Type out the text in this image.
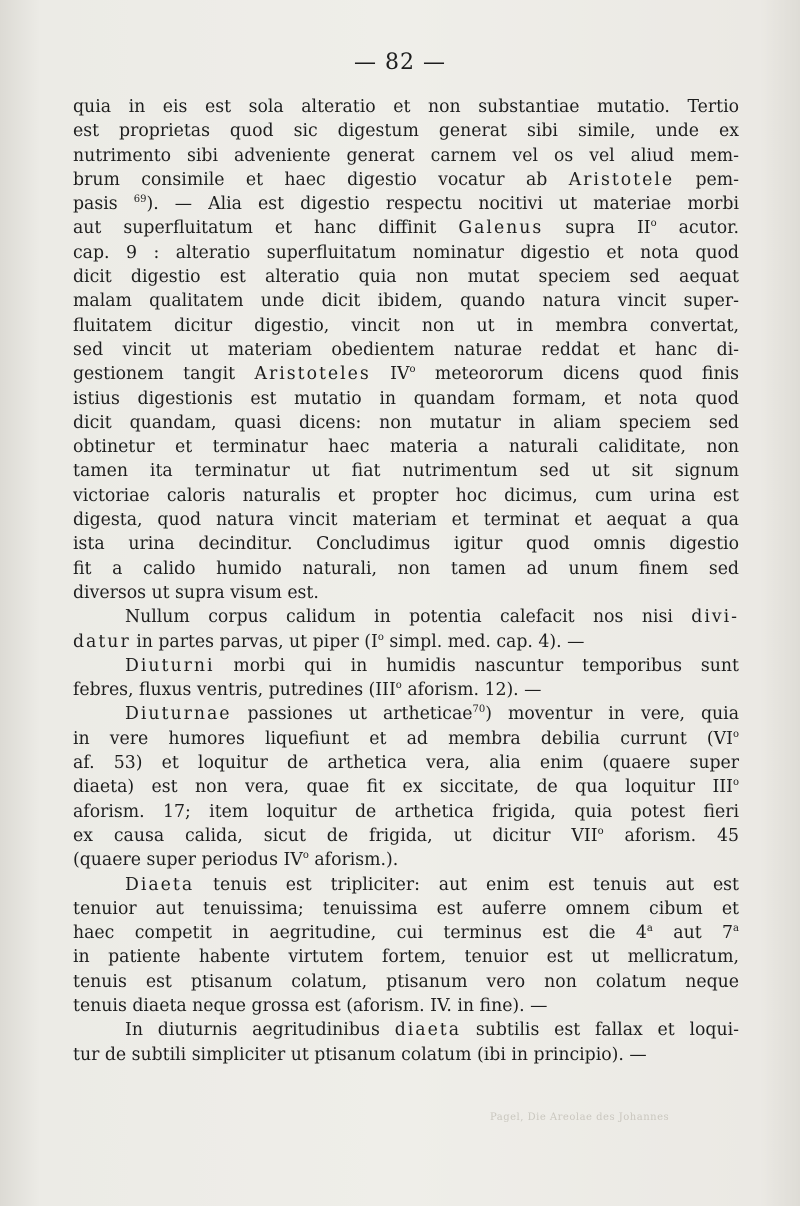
— 82 —

quia in eis est sola alteratio et non substantiae mutatio. Tertio

est proprietas quod sic digestum generat sibi simile, unde ex

nutrimento sibi adveniente generat carnem vel os vel aliud mem-

brum consimile et haec digestio vocatur ab Aristotele pem-

pasis $^{69}$). — Alia est digestio respectu nocitivi ut materiae morbi

aut superfluitatum et hanc diffinit Galenus supra $II^o$ acutor.

cap. 9 : alteratio superfluitatum nominatur digestio et nota quod

dicit digestio est alteratio quia non mutat speciem sed aequat

malam qualitatem unde dicit ibidem, quando natura vincit super-

fluitatem dicitur digestio, vincit non ut in membra convertat,

sed vincit ut materiam obedientem naturae reddat et hanc di-

gestionem tangit Aristoteles $IV^o$ meteororum dicens quod finis

istius digestionis est mutatio in quandam formam, et nota quod

dicit quandam, quasi dicens: non mutatur in aliam speciem sed

obtinetur et terminatur haec materia a naturali caliditate, non

tamen ita terminatur ut fiat nutrimentum sed ut sit signum

victoriae caloris naturalis et propter hoc dicimus, cum urina est

digesta, quod natura vincit materiam et terminat et aequat a qua

ista urina decinditur. Concludimus igitur quod omnis digestio

fit a calido humido naturali, non tamen ad unum finem sed

diversos ut supra visum est.

Nullum corpus calidum in potentia calefacit nos nisi divi-

datur in partes parvas, ut piper ($I^o$ simpl. med. cap. 4). —

Diuturni morbi qui in humidis nascuntur temporibus sunt

febres, fluxus ventris, putredines (III$^o$ aforism. 12). —

Diuturnae passiones ut artheticae$^{70}$) moventur in vere, quia

in vere humores liquefiunt et ad membra debilia currunt ($VI^o$

af. 53) et loquitur de arthetica vera, alia enim (quaere super

diaeta) est non vera, quae fit ex siccitate, de qua loquitur III$^o$

aforism. 17; item loquitur de arthetica frigida, quia potest fieri

ex causa calida, sicut de frigida, ut dicitur VII$^o$ aforism. 45

(quaere super periodus $IV^o$ aforism.).

Diaeta tenuis est tripliciter: aut enim est tenuis aut est

tenuior aut tenuissima; tenuissima est auferre omnem cibum et

haec competit in aegritudine, cui terminus est die 4$^a$ aut 7$^a$

in patiente habente virtutem fortem, tenuior est ut mellicratum,

tenuis est ptisanum colatum, ptisanum vero non colatum neque

tenuis diaeta neque grossa est (aforism. IV. in fine). —

In diuturnis aegritudinibus diaeta subtilis est fallax et loqui-

tur de subtili simpliciter ut ptisanum colatum (ibi in principio). —

Pagel, Die Areolae des Johannes
